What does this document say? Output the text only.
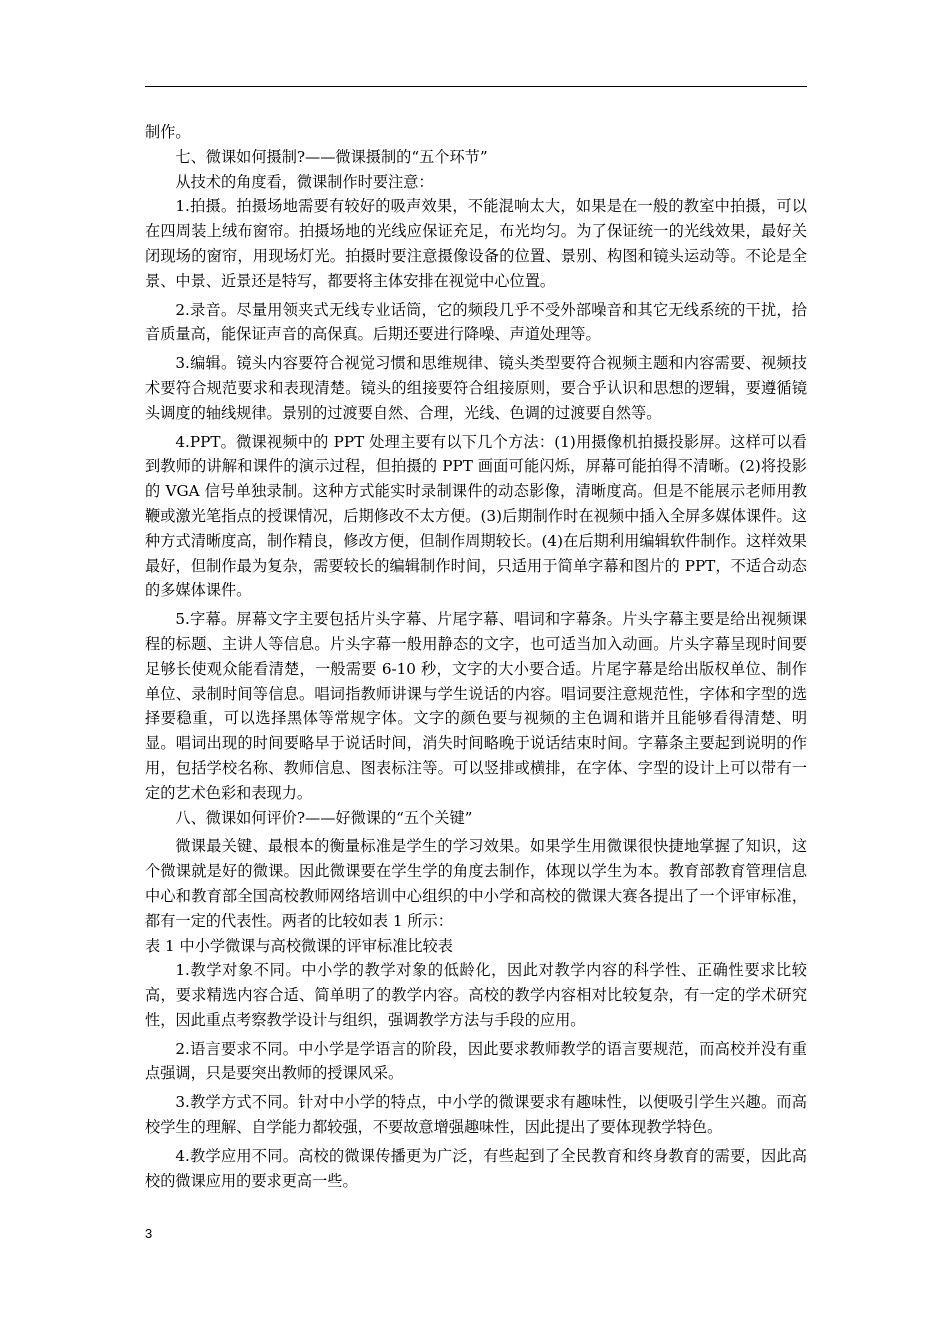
制作。

七、微课如何摄制?——微课摄制的“五个环节”

从技术的角度看，微课制作时要注意：

1.拍摄。拍摄场地需要有较好的吸声效果，不能混响太大，如果是在一般的教室中拍摄，可以在四周装上绒布窗帘。拍摄场地的光线应保证充足，布光均匀。为了保证统一的光线效果，最好关闭现场的窗帘，用现场灯光。拍摄时要注意摄像设备的位置、景别、构图和镜头运动等。不论是全景、中景、近景还是特写，都要将主体安排在视觉中心位置。

2.录音。尽量用领夹式无线专业话筒，它的频段几乎不受外部噪音和其它无线系统的干扰，拾音质量高，能保证声音的高保真。后期还要进行降噪、声道处理等。

3.编辑。镜头内容要符合视觉习惯和思维规律、镜头类型要符合视频主题和内容需要、视频技术要符合规范要求和表现清楚。镜头的组接要符合组接原则，要合乎认识和思想的逻辑，要遵循镜头调度的轴线规律。景别的过渡要自然、合理，光线、色调的过渡要自然等。

4.PPT。微课视频中的 PPT 处理主要有以下几个方法：(1)用摄像机拍摄投影屏。这样可以看到教师的讲解和课件的演示过程，但拍摄的 PPT 画面可能闪烁，屏幕可能拍得不清晰。(2)将投影的 VGA 信号单独录制。这种方式能实时录制课件的动态影像，清晰度高。但是不能展示老师用教鞭或激光笔指点的授课情况，后期修改不太方便。(3)后期制作时在视频中插入全屏多媒体课件。这种方式清晰度高，制作精良，修改方便，但制作周期较长。(4)在后期利用编辑软件制作。这样效果最好，但制作最为复杂，需要较长的编辑制作时间，只适用于简单字幕和图片的 PPT，不适合动态的多媒体课件。

5.字幕。屏幕文字主要包括片头字幕、片尾字幕、唱词和字幕条。片头字幕主要是给出视频课程的标题、主讲人等信息。片头字幕一般用静态的文字，也可适当加入动画。片头字幕呈现时间要足够长使观众能看清楚，一般需要 6-10 秒，文字的大小要合适。片尾字幕是给出版权单位、制作单位、录制时间等信息。唱词指教师讲课与学生说话的内容。唱词要注意规范性，字体和字型的选择要稳重，可以选择黑体等常规字体。文字的颜色要与视频的主色调和谐并且能够看得清楚、明显。唱词出现的时间要略早于说话时间，消失时间略晚于说话结束时间。字幕条主要起到说明的作用，包括学校名称、教师信息、图表标注等。可以竖排或横排，在字体、字型的设计上可以带有一定的艺术色彩和表现力。

八、微课如何评价?——好微课的“五个关键”

微课最关键、最根本的衡量标准是学生的学习效果。如果学生用微课很快捷地掌握了知识，这个微课就是好的微课。因此微课要在学生学的角度去制作，体现以学生为本。教育部教育管理信息中心和教育部全国高校教师网络培训中心组织的中小学和高校的微课大赛各提出了一个评审标准，都有一定的代表性。两者的比较如表 1 所示：

表 1 中小学微课与高校微课的评审标准比较表

1.教学对象不同。中小学的教学对象的低龄化，因此对教学内容的科学性、正确性要求比较高，要求精选内容合适、简单明了的教学内容。高校的教学内容相对比较复杂，有一定的学术研究性，因此重点考察教学设计与组织，强调教学方法与手段的应用。

2.语言要求不同。中小学是学语言的阶段，因此要求教师教学的语言要规范，而高校并没有重点强调，只是要突出教师的授课风采。

3.教学方式不同。针对中小学的特点，中小学的微课要求有趣味性，以便吸引学生兴趣。而高校学生的理解、自学能力都较强，不要故意增强趣味性，因此提出了要体现教学特色。

4.教学应用不同。高校的微课传播更为广泛，有些起到了全民教育和终身教育的需要，因此高校的微课应用的要求更高一些。

3
